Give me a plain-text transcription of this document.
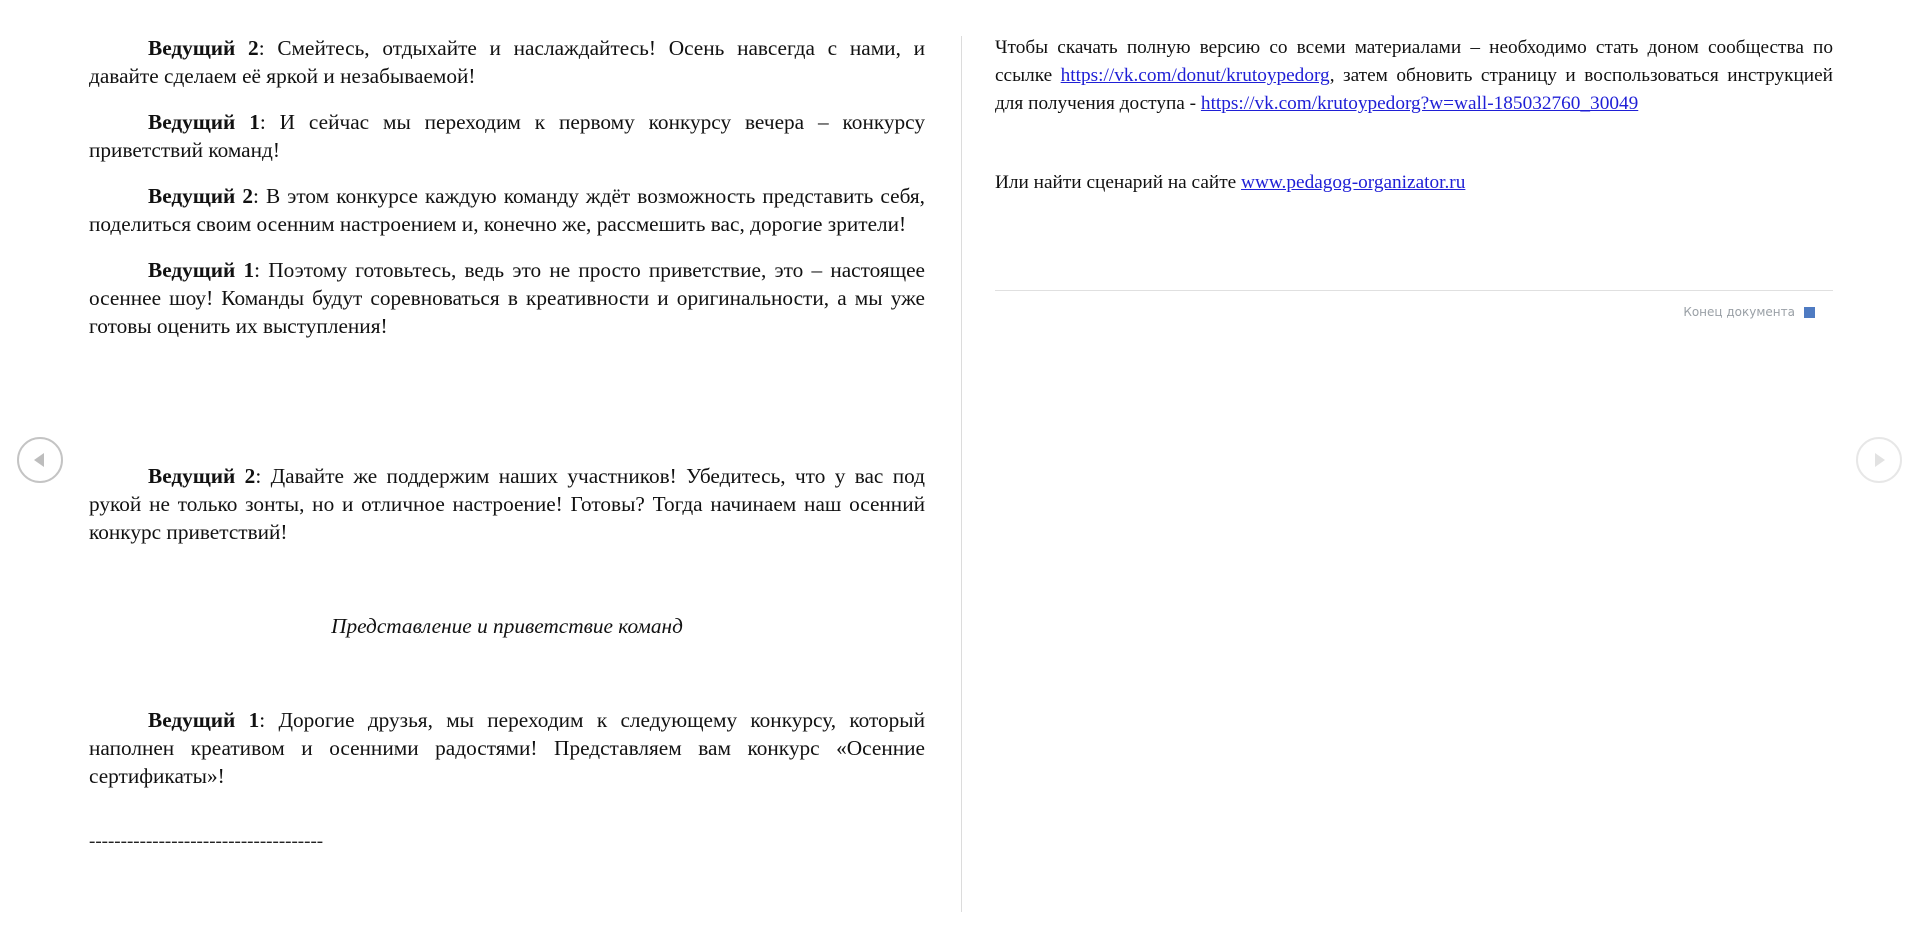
Ведущий 2: Смейтесь, отдыхайте и наслаждайтесь! Осень навсегда с нами, и давайте сделаем её яркой и незабываемой!

Ведущий 1: И сейчас мы переходим к первому конкурсу вечера – конкурсу приветствий команд!

Ведущий 2: В этом конкурсе каждую команду ждёт возможность представить себя, поделиться своим осенним настроением и, конечно же, рассмешить вас, дорогие зрители!

Ведущий 1: Поэтому готовьтесь, ведь это не просто приветствие, это – настоящее осеннее шоу! Команды будут соревноваться в креативности и оригинальности, а мы уже готовы оценить их выступления!

Ведущий 2: Давайте же поддержим наших участников! Убедитесь, что у вас под рукой не только зонты, но и отличное настроение! Готовы? Тогда начинаем наш осенний конкурс приветствий!

Представление и приветствие команд

Ведущий 1: Дорогие друзья, мы переходим к следующему конкурсу, который наполнен креативом и осенними радостями! Представляем вам конкурс «Осенние сертификаты»!

-------------------------------------

Чтобы скачать полную версию со всеми материалами – необходимо стать доном сообщества по ссылке https://vk.com/donut/krutoypedorg, затем обновить страницу и воспользоваться инструкцией для получения доступа - https://vk.com/krutoypedorg?w=wall-185032760_30049

Или найти сценарий на сайте www.pedagog-organizator.ru

Конец документа
